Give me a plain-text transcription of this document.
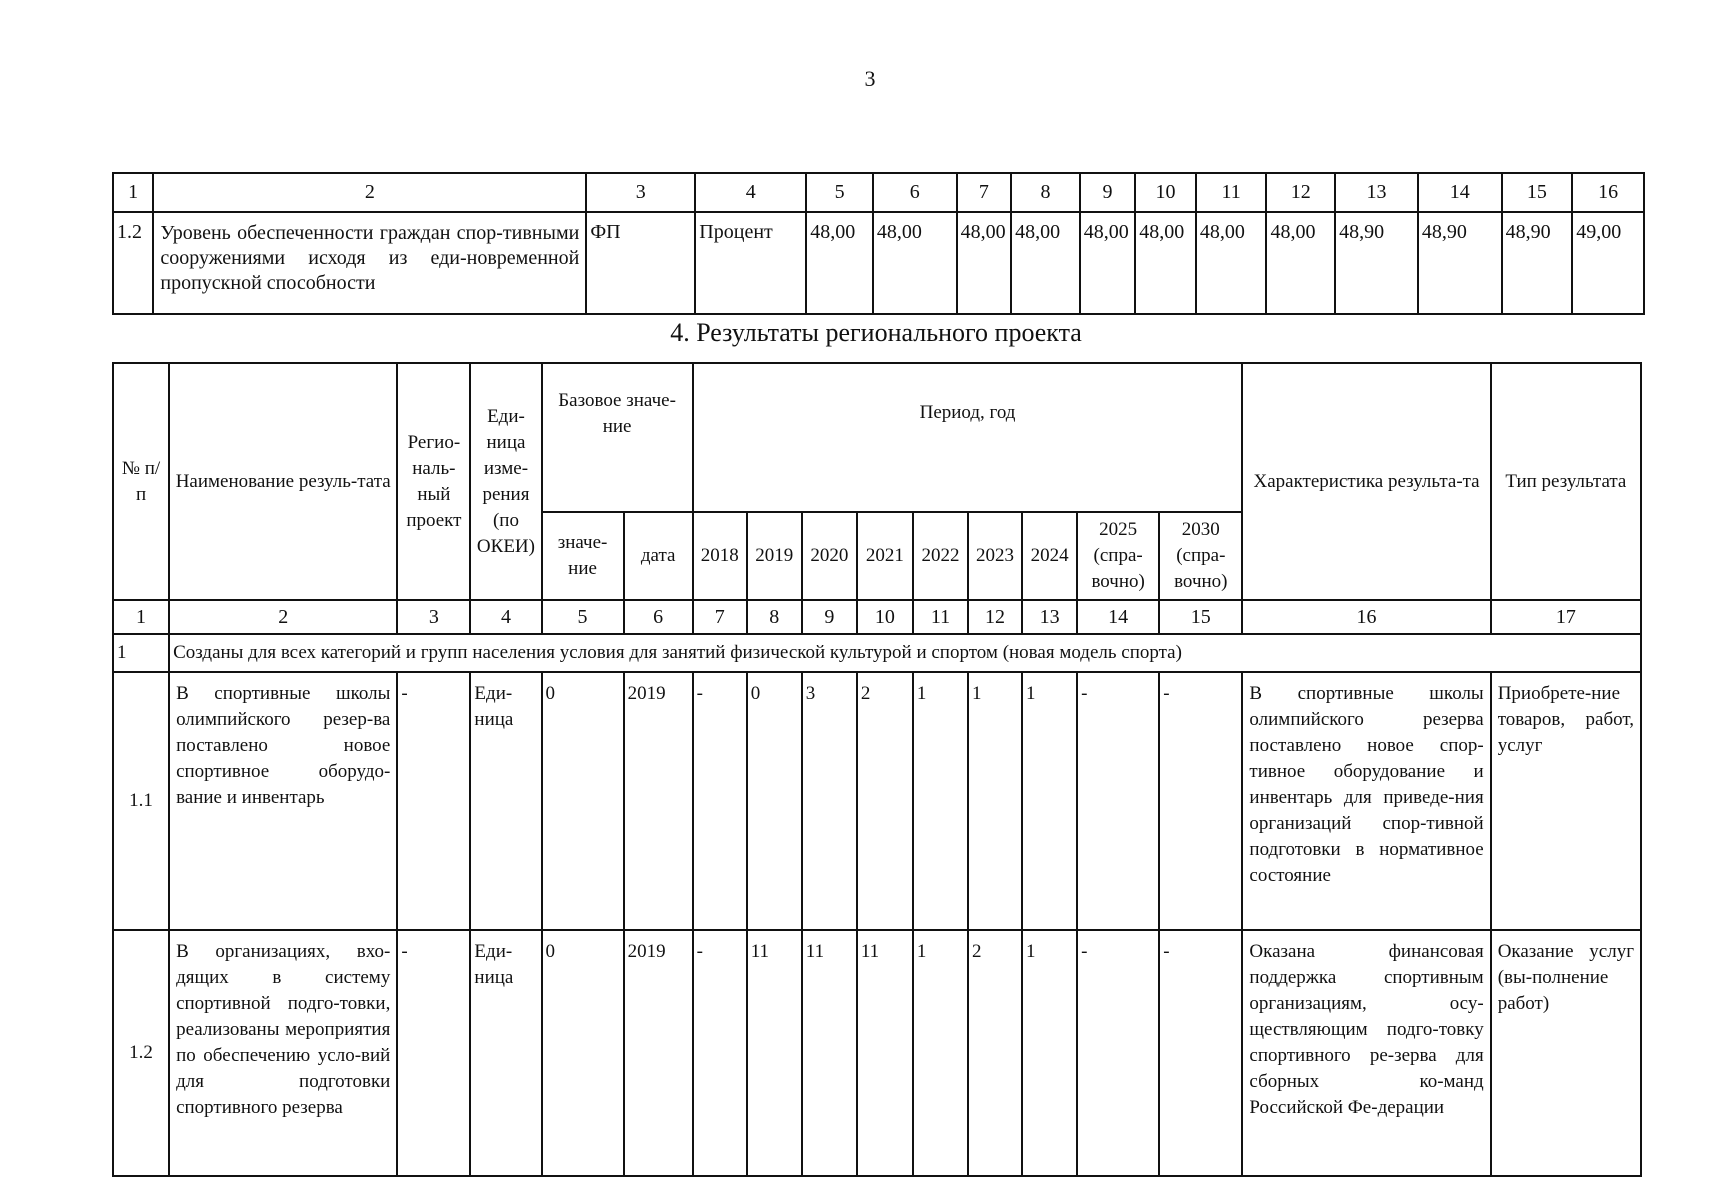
3
1	2	3	4	5	6	7	8	9	10	11	12	13	14	15	16
1.2	Уровень обеспеченности граждан спор-тивными сооружениями исходя из еди-новременной пропускной способности	ФП	Процент	48,00	48,00	48,00	48,00	48,00	48,00	48,00	48,00	48,90	48,90	48,90	49,00
4. Результаты регионального проекта
№ п/п	Наименование резуль-тата	Регио-наль-ный проект	Еди-ница изме-рения (по ОКЕИ)	Базовое значе-ние		Период, год									Характеристика результа-та	Тип результата
				значе-ние	дата	2018	2019	2020	2021	2022	2023	2024	2025 (спра-вочно)	2030 (спра-вочно)		
1	2	3	4	5	6	7	8	9	10	11	12	13	14	15	16	17
1	Созданы для всех категорий и групп населения условия для занятий физической культурой и спортом (новая модель спорта)															
1.1	В спортивные школы олимпийского резер-ва поставлено новое спортивное оборудо-вание и инвентарь	-	Еди-ница	0	2019	-	0	3	2	1	1	1	-	-	В спортивные школы олимпийского резерва поставлено новое спор-тивное оборудование и инвентарь для приведе-ния организаций спор-тивной подготовки в нормативное состояние	Приобрете-ние товаров, работ, услуг
1.2	В организациях, вхо-дящих в систему спортивной подго-товки, реализованы мероприятия по обеспечению усло-вий для подготовки спортивного резерва	-	Еди-ница	0	2019	-	11	11	11	1	2	1	-	-	Оказана финансовая поддержка спортивным организациям, осу-ществляющим подго-товку спортивного ре-зерва для сборных ко-манд Российской Фе-дерации	Оказание услуг (вы-полнение работ)
